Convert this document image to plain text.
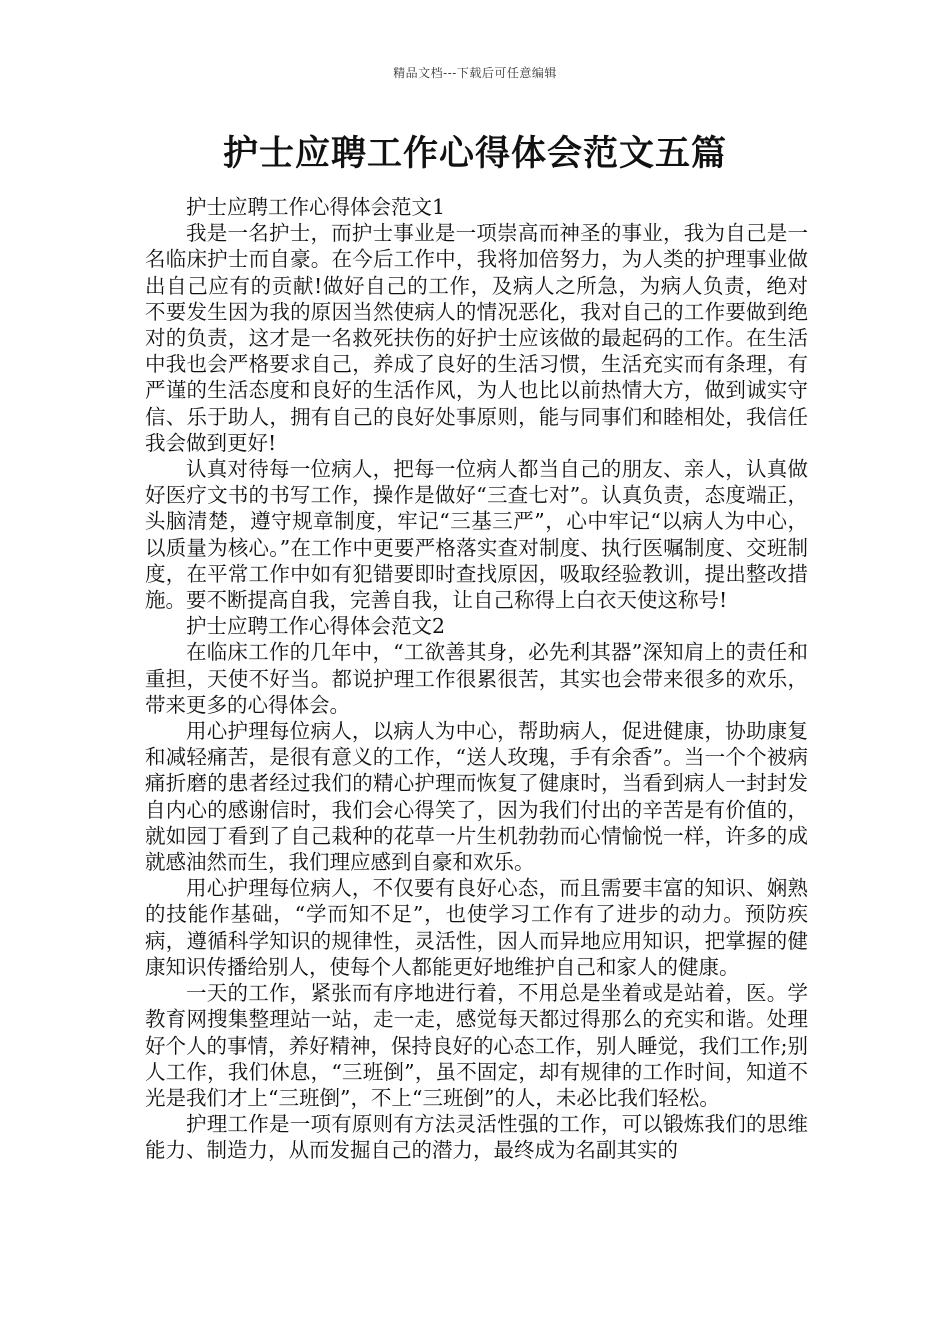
精品文档---下载后可任意编辑
护士应聘工作心得体会范文五篇

护士应聘工作心得体会范文1

我是一名护士，而护士事业是一项崇高而神圣的事业，我为自己是一名临床护士而自豪。在今后工作中，我将加倍努力，为人类的护理事业做出自己应有的贡献!做好自己的工作，及病人之所急，为病人负责，绝对不要发生因为我的原因当然使病人的情况恶化，我对自己的工作要做到绝对的负责，这才是一名救死扶伤的好护士应该做的最起码的工作。在生活中我也会严格要求自己，养成了良好的生活习惯，生活充实而有条理，有严谨的生活态度和良好的生活作风，为人也比以前热情大方，做到诚实守信、乐于助人，拥有自己的良好处事原则，能与同事们和睦相处，我信任我会做到更好!

认真对待每一位病人，把每一位病人都当自己的朋友、亲人，认真做好医疗文书的书写工作，操作是做好“三查七对”。认真负责，态度端正，头脑清楚，遵守规章制度，牢记“三基三严”，心中牢记“以病人为中心，以质量为核心。”在工作中更要严格落实查对制度、执行医嘱制度、交班制度，在平常工作中如有犯错要即时查找原因，吸取经验教训，提出整改措施。要不断提高自我，完善自我，让自己称得上白衣天使这称号!

护士应聘工作心得体会范文2

在临床工作的几年中，“工欲善其身，必先利其器”深知肩上的责任和重担，天使不好当。都说护理工作很累很苦，其实也会带来很多的欢乐，带来更多的心得体会。

用心护理每位病人，以病人为中心，帮助病人，促进健康，协助康复和减轻痛苦，是很有意义的工作，“送人玫瑰，手有余香”。当一个个被病痛折磨的患者经过我们的精心护理而恢复了健康时，当看到病人一封封发自内心的感谢信时，我们会心得笑了，因为我们付出的辛苦是有价值的，就如园丁看到了自己栽种的花草一片生机勃勃而心情愉悦一样，许多的成就感油然而生，我们理应感到自豪和欢乐。

用心护理每位病人，不仅要有良好心态，而且需要丰富的知识、娴熟的技能作基础，“学而知不足”，也使学习工作有了进步的动力。预防疾病，遵循科学知识的规律性，灵活性，因人而异地应用知识，把掌握的健康知识传播给别人，使每个人都能更好地维护自己和家人的健康。

一天的工作，紧张而有序地进行着，不用总是坐着或是站着，医。学教育网搜集整理站一站，走一走，感觉每天都过得那么的充实和谐。处理好个人的事情，养好精神，保持良好的心态工作，别人睡觉，我们工作;别人工作，我们休息，“三班倒”，虽不固定，却有规律的工作时间，知道不光是我们才上“三班倒”，不上“三班倒”的人，未必比我们轻松。

护理工作是一项有原则有方法灵活性强的工作，可以锻炼我们的思维能力、制造力，从而发掘自己的潜力，最终成为名副其实的
